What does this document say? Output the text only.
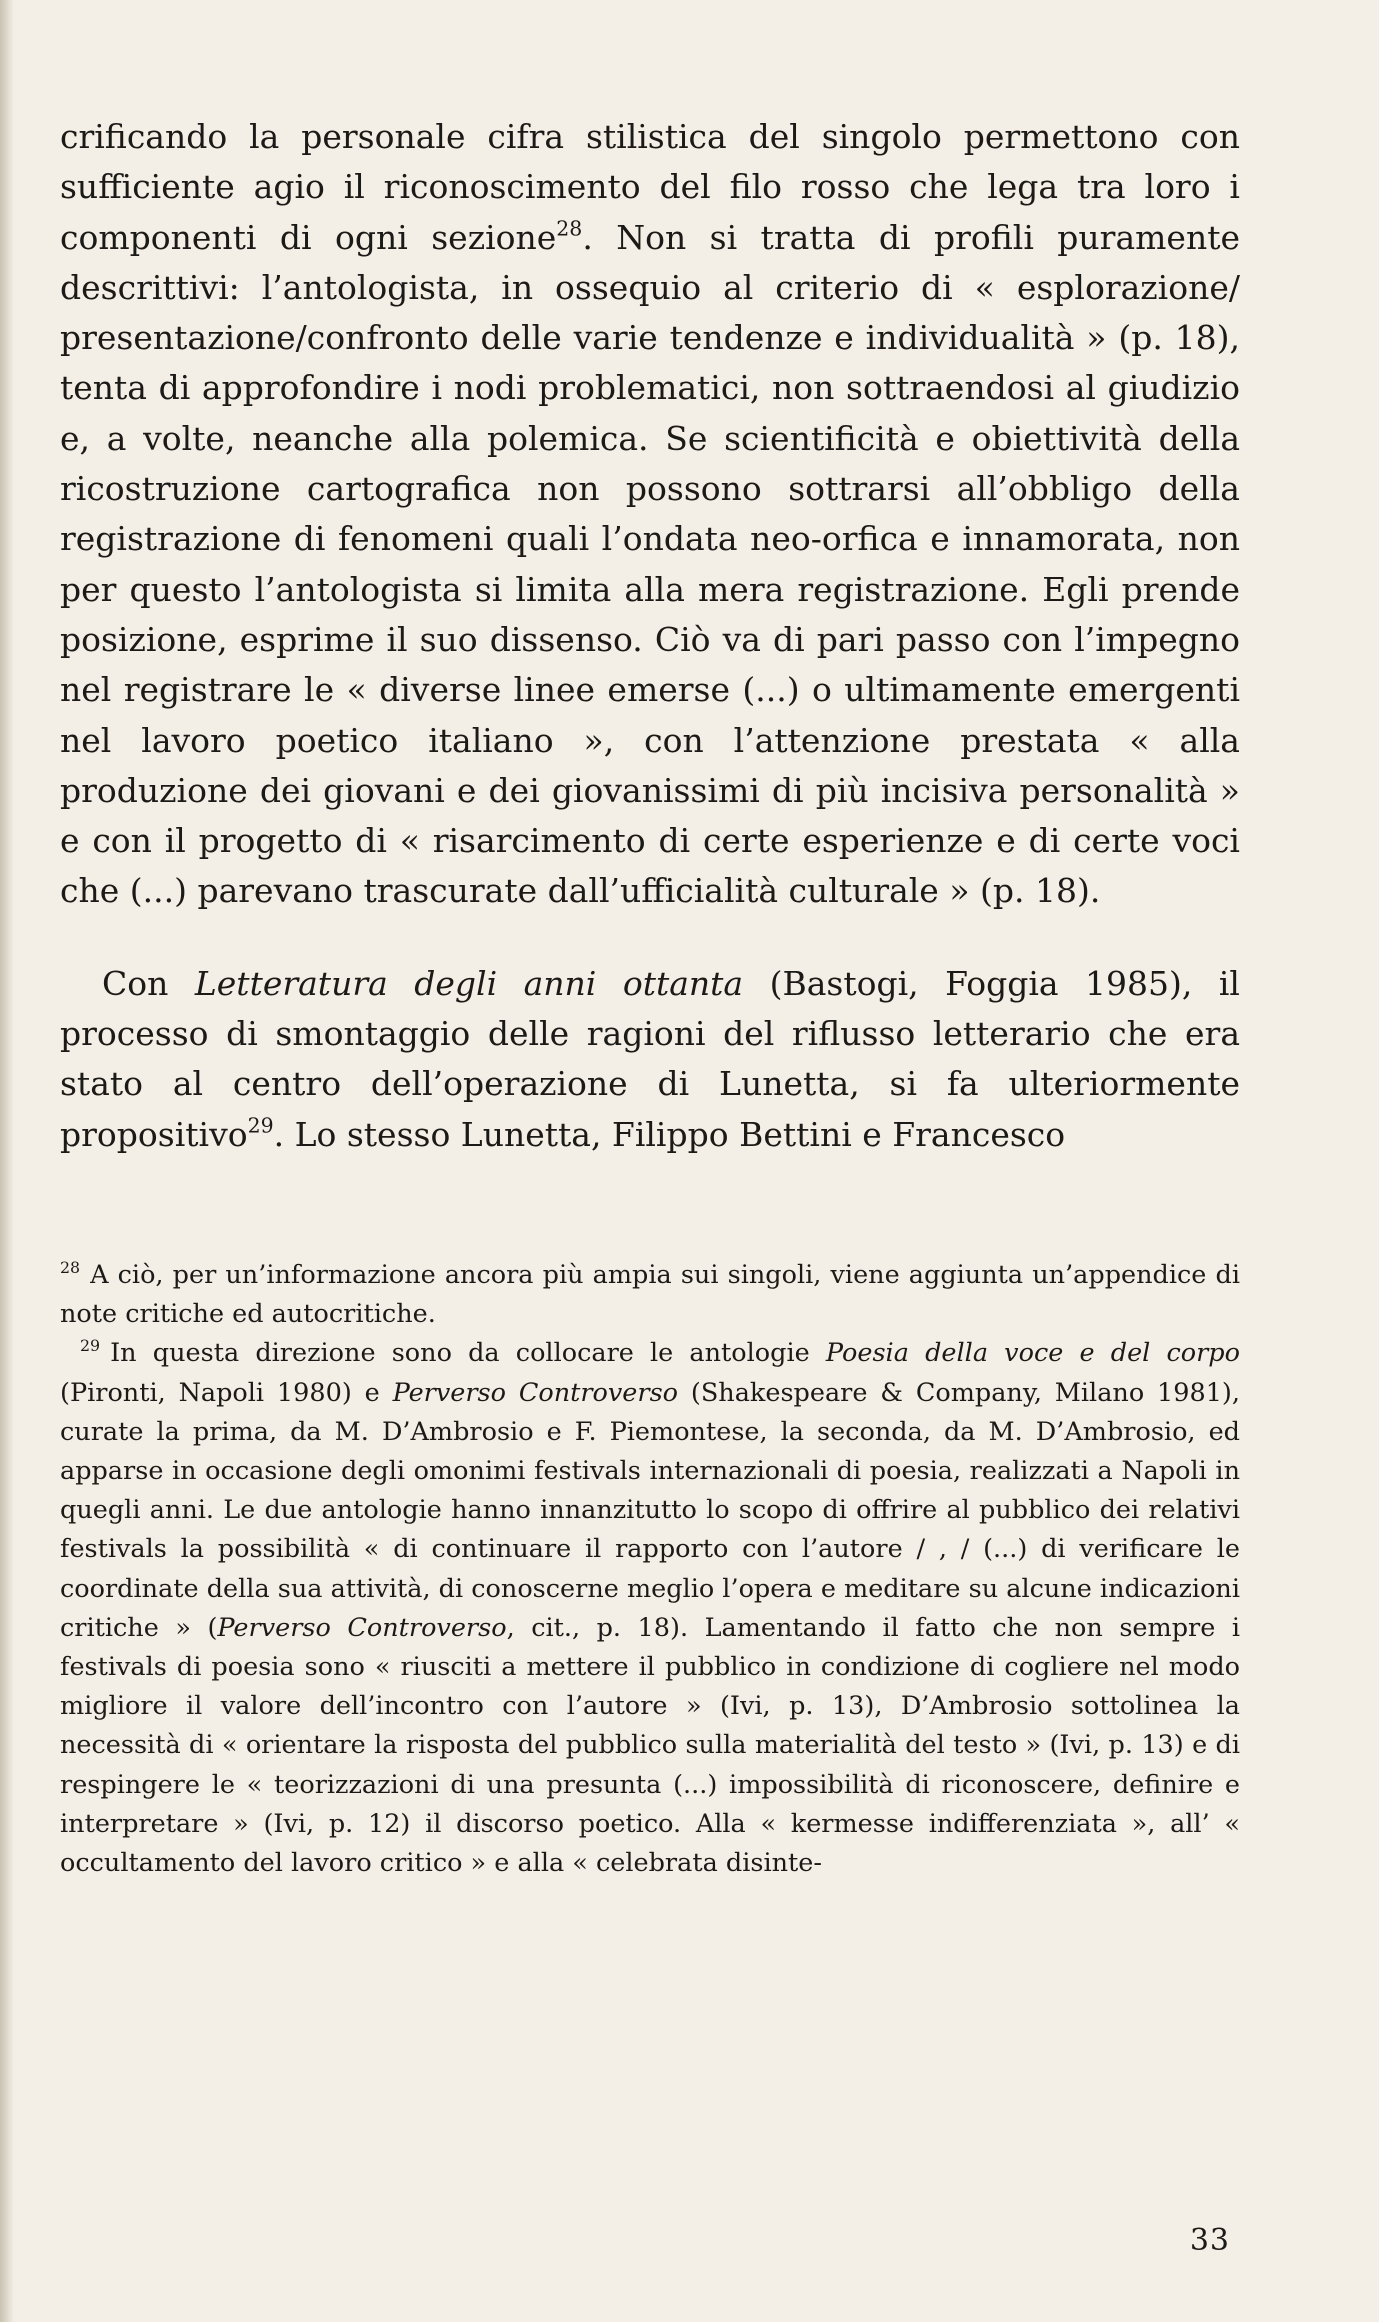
crificando la personale cifra stilistica del singolo permettono con sufficiente agio il riconoscimento del filo rosso che lega tra loro i componenti di ogni sezione$^{28}$. Non si tratta di profili puramente descrittivi: l’antologista, in ossequio al criterio di « esplorazione/ presentazione/confronto delle varie tendenze e individualità » (p. 18), tenta di approfondire i nodi problematici, non sottraendosi al giudizio e, a volte, neanche alla polemica. Se scientificità e obiettività della ricostruzione cartografica non possono sottrarsi all’obbligo della registrazione di fenomeni quali l’ondata neo-orfica e innamorata, non per questo l’antologista si limita alla mera registrazione. Egli prende posizione, esprime il suo dissenso. Ciò va di pari passo con l’impegno nel registrare le « diverse linee emerse (...) o ultimamente emergenti nel lavoro poetico italiano », con l’attenzione prestata « alla produzione dei giovani e dei giovanissimi di più incisiva personalità » e con il progetto di « risarcimento di certe esperienze e di certe voci che (...) parevano trascurate dall’ufficialità culturale » (p. 18).

Con Letteratura degli anni ottanta (Bastogi, Foggia 1985), il processo di smontaggio delle ragioni del riflusso letterario che era stato al centro dell’operazione di Lunetta, si fa ulteriormente propositivo$^{29}$. Lo stesso Lunetta, Filippo Bettini e Francesco

$^{28}$ A ciò, per un’informazione ancora più ampia sui singoli, viene aggiunta un’appendice di note critiche ed autocritiche.

$^{29}$ In questa direzione sono da collocare le antologie Poesia della voce e del corpo (Pironti, Napoli 1980) e Perverso Controverso (Shakespeare & Company, Milano 1981), curate la prima, da M. D’Ambrosio e F. Piemontese, la seconda, da M. D’Ambrosio, ed apparse in occasione degli omonimi festivals internazionali di poesia, realizzati a Napoli in quegli anni. Le due antologie hanno innanzitutto lo scopo di offrire al pubblico dei relativi festivals la possibilità « di continuare il rapporto con l’autore / , / (...) di verificare le coordinate della sua attività, di conoscerne meglio l’opera e meditare su alcune indicazioni critiche » (Perverso Controverso, cit., p. 18). Lamentando il fatto che non sempre i festivals di poesia sono « riusciti a mettere il pubblico in condizione di cogliere nel modo migliore il valore dell’incontro con l’autore » (Ivi, p. 13), D’Ambrosio sottolinea la necessità di « orientare la risposta del pubblico sulla materialità del testo » (Ivi, p. 13) e di respingere le « teorizzazioni di una presunta (...) impossibilità di riconoscere, definire e interpretare » (Ivi, p. 12) il discorso poetico. Alla « kermesse indifferenziata », all’ « occultamento del lavoro critico » e alla « celebrata disinte-

33
